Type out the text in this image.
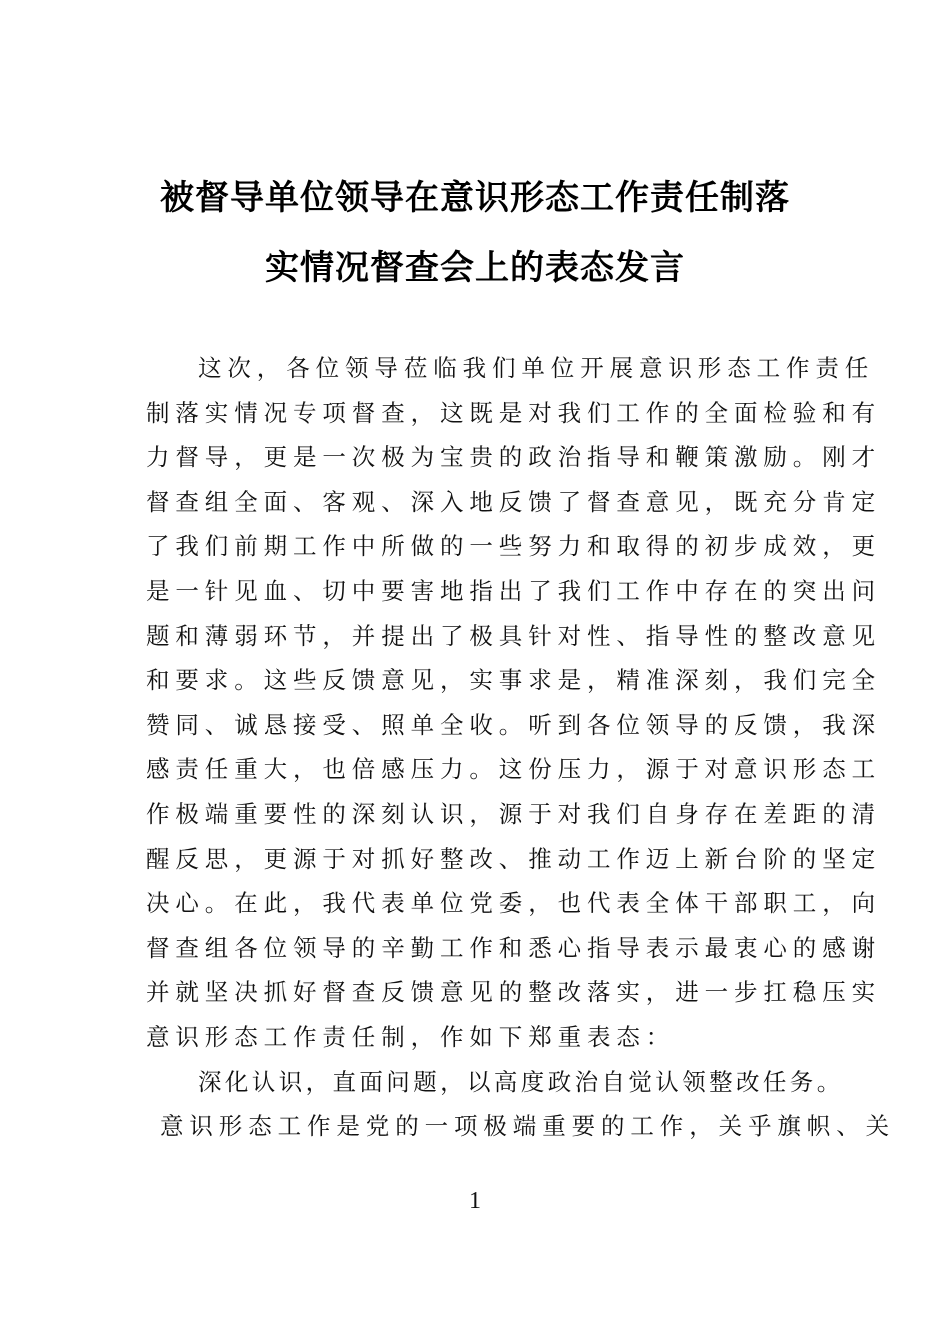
被督导单位领导在意识形态工作责任制落
实情况督查会上的表态发言
这次，各位领导莅临我们单位开展意识形态工作责任
制落实情况专项督查，这既是对我们工作的全面检验和有
力督导，更是一次极为宝贵的政治指导和鞭策激励。刚才
督查组全面、客观、深入地反馈了督查意见，既充分肯定
了我们前期工作中所做的一些努力和取得的初步成效，更
是一针见血、切中要害地指出了我们工作中存在的突出问
题和薄弱环节，并提出了极具针对性、指导性的整改意见
和要求。这些反馈意见，实事求是，精准深刻，我们完全
赞同、诚恳接受、照单全收。听到各位领导的反馈，我深
感责任重大，也倍感压力。这份压力，源于对意识形态工
作极端重要性的深刻认识，源于对我们自身存在差距的清
醒反思，更源于对抓好整改、推动工作迈上新台阶的坚定
决心。在此，我代表单位党委，也代表全体干部职工，向
督查组各位领导的辛勤工作和悉心指导表示最衷心的感谢
并就坚决抓好督查反馈意见的整改落实，进一步扛稳压实
意识形态工作责任制，作如下郑重表态：
深化认识，直面问题，以高度政治自觉认领整改任务。
意识形态工作是党的一项极端重要的工作，关乎旗帜、关
1
